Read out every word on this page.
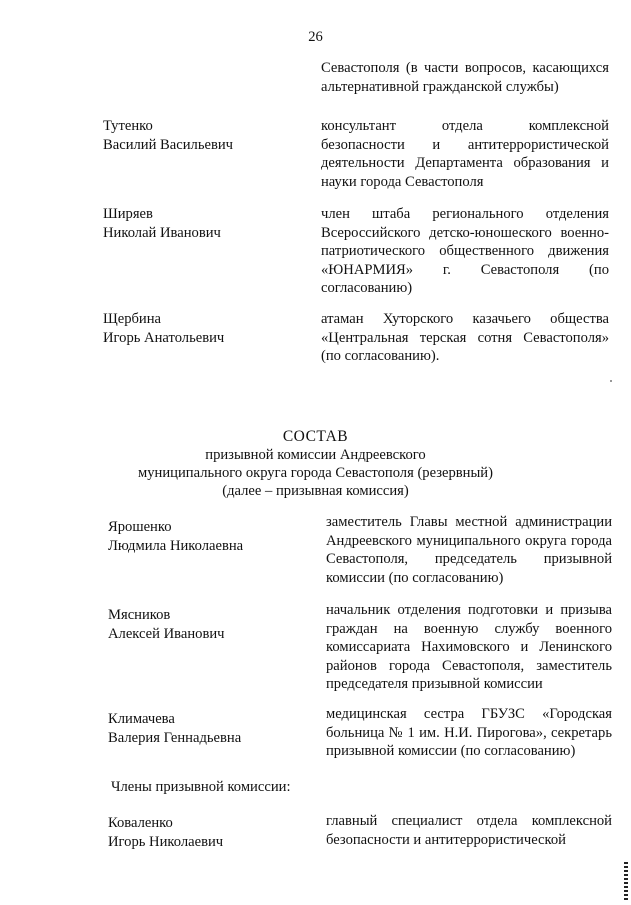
26
Севастополя (в части вопросов, касающихся альтернативной гражданской службы)
Тутенко
Василий Васильевич
консультант отдела комплексной безопасности и антитеррористической деятельности Департамента образования и науки города Севастополя
Ширяев
Николай Иванович
член штаба регионального отделения Всероссийского детско-юношеского военно-патриотического общественного движения «ЮНАРМИЯ» г. Севастополя (по согласованию)
Щербина
Игорь Анатольевич
атаман Хуторского казачьего общества «Центральная терская сотня Севастополя» (по согласованию).
СОСТАВ
призывной комиссии Андреевского
муниципального округа города Севастополя (резервный)
(далее – призывная комиссия)
Ярошенко
Людмила Николаевна
заместитель Главы местной администрации Андреевского муниципального округа города Севастополя, председатель призывной комиссии (по согласованию)
Мясников
Алексей Иванович
начальник отделения подготовки и призыва граждан на военную службу военного комиссариата Нахимовского и Ленинского районов города Севастополя, заместитель председателя призывной комиссии
Климачева
Валерия Геннадьевна
медицинская сестра ГБУЗС «Городская больница № 1 им. Н.И. Пирогова», секретарь призывной комиссии (по согласованию)
Члены призывной комиссии:
Коваленко
Игорь Николаевич
главный специалист отдела комплексной безопасности и антитеррористической
